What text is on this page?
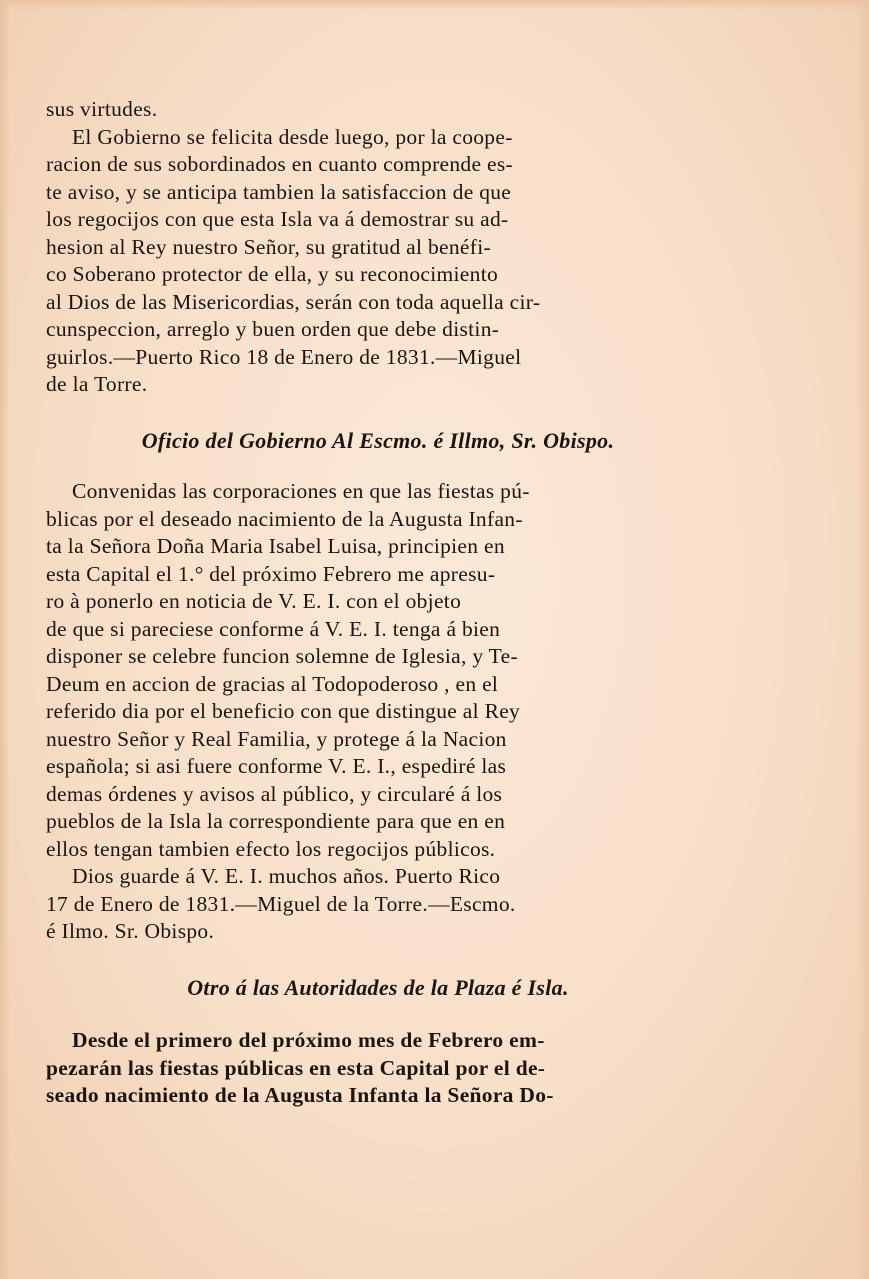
sus virtudes.

El Gobierno se felicita desde luego, por la coope-

racion de sus sobordinados en cuanto comprende es-

te aviso, y se anticipa tambien la satisfaccion de que

los regocijos con que esta Isla va á demostrar su ad-

hesion al Rey nuestro Señor, su gratitud al benéfi-

co Soberano protector de ella, y su reconocimiento

al Dios de las Misericordias, serán con toda aquella cir-

cunspeccion, arreglo y buen orden que debe distin-

guirlos.—Puerto Rico 18 de Enero de 1831.—Miguel

de la Torre.

Oficio del Gobierno Al Escmo. é Illmo, Sr. Obispo.

Convenidas las corporaciones en que las fiestas pú-

blicas por el deseado nacimiento de la Augusta Infan-

ta la Señora Doña Maria Isabel Luisa, principien en

esta Capital el 1.° del próximo Febrero me apresu-

ro à ponerlo en noticia de V. E. I. con el objeto

de que si pareciese conforme á V. E. I. tenga á bien

disponer se celebre funcion solemne de Iglesia, y Te-

Deum en accion de gracias al Todopoderoso , en el

referido dia por el beneficio con que distingue al Rey

nuestro Señor y Real Familia, y protege á la Nacion

española; si asi fuere conforme V. E. I., espediré las

demas órdenes y avisos al público, y circularé á los

pueblos de la Isla la correspondiente para que en en

ellos tengan tambien efecto los regocijos públicos.

Dios guarde á V. E. I. muchos años. Puerto Rico

17 de Enero de 1831.—Miguel de la Torre.—Escmo.

é Ilmo. Sr. Obispo.

Otro á las Autoridades de la Plaza é Isla.

Desde el primero del próximo mes de Febrero em-

pezarán las fiestas públicas en esta Capital por el de-

seado nacimiento de la Augusta Infanta la Señora Do-
